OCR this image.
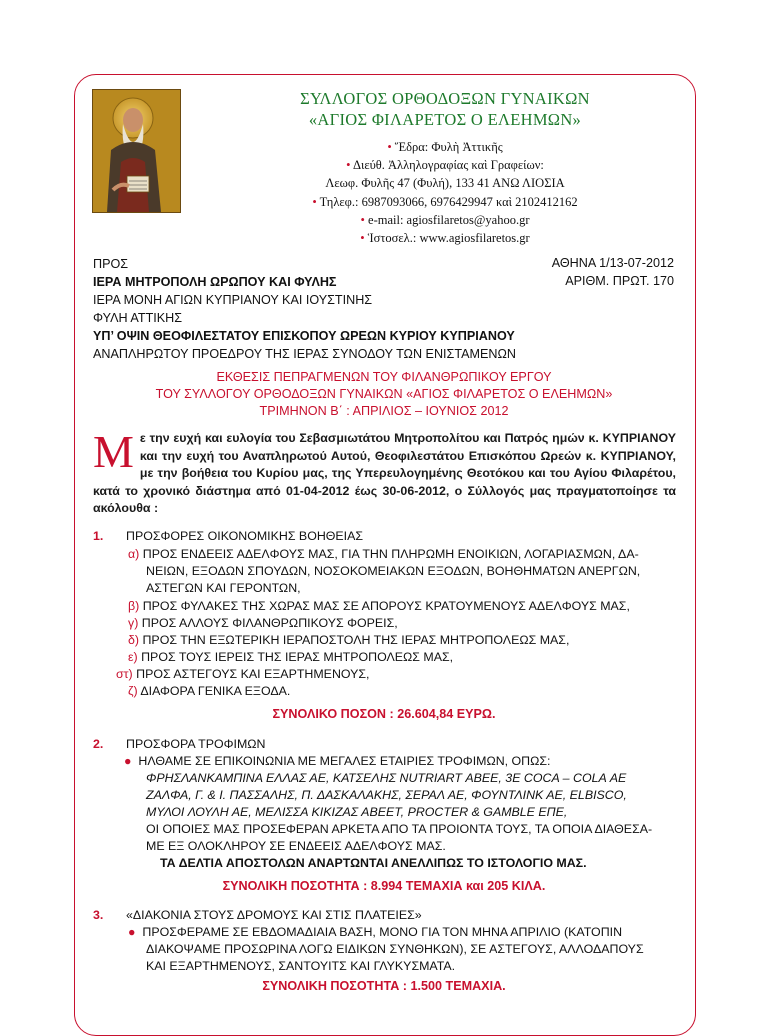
ΣΥΛΛΟΓΟΣ ΟΡΘΟΔΟΞΩΝ ΓΥΝΑΙΚΩΝ
«ΑΓΙΟΣ ΦΙΛΑΡΕΤΟΣ Ο ΕΛΕΗΜΩΝ»
• Ἕδρα: Φυλὴ Ἀττικῆς
• Διεύθ. Ἀλληλογραφίας καὶ Γραφείων:
Λεωφ. Φυλῆς 47 (Φυλή), 133 41 ΑΝΩ ΛΙΟΣΙΑ
• Τηλεφ.: 6987093066, 6976429947 καὶ 2102412162
• e-mail: agiosfilaretos@yahoo.gr
• Ἱστοσελ.: www.agiosfilaretos.gr
ΠΡΟΣ
ΙΕΡΑ ΜΗΤΡΟΠΟΛΗ ΩΡΩΠΟΥ ΚΑΙ ΦΥΛΗΣ
ΙΕΡΑ ΜΟΝΗ ΑΓΙΩΝ ΚΥΠΡΙΑΝΟΥ ΚΑΙ ΙΟΥΣΤΙΝΗΣ
ΦΥΛΗ ΑΤΤΙΚΗΣ
ΥΠ’ ΟΨΙΝ ΘΕΟΦΙΛΕΣΤΑΤΟΥ ΕΠΙΣΚΟΠΟΥ ΩΡΕΩΝ ΚΥΡΙΟΥ ΚΥΠΡΙΑΝΟΥ
ΑΝΑΠΛΗΡΩΤΟΥ ΠΡΟΕΔΡΟΥ ΤΗΣ ΙΕΡΑΣ ΣΥΝΟΔΟΥ ΤΩΝ ΕΝΙΣΤΑΜΕΝΩΝ
ΑΘΗΝΑ 1/13-07-2012
ΑΡΙΘΜ. ΠΡΩΤ. 170
ΕΚΘΕΣΙΣ ΠΕΠΡΑΓΜΕΝΩΝ ΤΟΥ ΦΙΛΑΝΘΡΩΠΙΚΟΥ ΕΡΓΟΥ
ΤΟΥ ΣΥΛΛΟΓΟΥ ΟΡΘΟΔΟΞΩΝ ΓΥΝΑΙΚΩΝ «ΑΓΙΟΣ ΦΙΛΑΡΕΤΟΣ Ο ΕΛΕΗΜΩΝ»
ΤΡΙΜΗΝΟΝ Β΄ : ΑΠΡΙΛΙΟΣ – ΙΟΥΝΙΟΣ 2012
Μ ε την ευχή και ευλογία του Σεβασμιωτάτου Μητροπολίτου και Πατρός ημών κ. ΚΥΠΡΙΑΝΟΥ και την ευχή του Αναπληρωτού Αυτού, Θεοφιλεστάτου Επισκόπου Ωρεών κ. ΚΥΠΡΙΑΝΟΥ, με την βοήθεια του Κυρίου μας, της Υπερευλογημένης Θεοτόκου και του Αγίου Φιλαρέτου, κατά το χρονικό διάστημα από 01-04-2012 έως 30-06-2012, ο Σύλλογός μας πραγματοποίησε τα ακόλουθα :
1. ΠΡΟΣΦΟΡΕΣ ΟΙΚΟΝΟΜΙΚΗΣ ΒΟΗΘΕΙΑΣ
α) ΠΡΟΣ ΕΝΔΕΕΙΣ ΑΔΕΛΦΟΥΣ ΜΑΣ, ΓΙΑ ΤΗΝ ΠΛΗΡΩΜΗ ΕΝΟΙΚΙΩΝ, ΛΟΓΑΡΙΑΣΜΩΝ, ΔΑ-
ΝΕΙΩΝ, ΕΞΟΔΩΝ ΣΠΟΥΔΩΝ, ΝΟΣΟΚΟΜΕΙΑΚΩΝ ΕΞΟΔΩΝ, ΒΟΗΘΗΜΑΤΩΝ ΑΝΕΡΓΩΝ,
ΑΣΤΕΓΩΝ ΚΑΙ ΓΕΡΟΝΤΩΝ,
β) ΠΡΟΣ ΦΥΛΑΚΕΣ ΤΗΣ ΧΩΡΑΣ ΜΑΣ ΣΕ ΑΠΟΡΟΥΣ ΚΡΑΤΟΥΜΕΝΟΥΣ ΑΔΕΛΦΟΥΣ ΜΑΣ,
γ) ΠΡΟΣ ΑΛΛΟΥΣ ΦΙΛΑΝΘΡΩΠΙΚΟΥΣ ΦΟΡΕΙΣ,
δ) ΠΡΟΣ ΤΗΝ ΕΞΩΤΕΡΙΚΗ ΙΕΡΑΠΟΣΤΟΛΗ ΤΗΣ ΙΕΡΑΣ ΜΗΤΡΟΠΟΛΕΩΣ ΜΑΣ,
ε) ΠΡΟΣ ΤΟΥΣ ΙΕΡΕΙΣ ΤΗΣ ΙΕΡΑΣ ΜΗΤΡΟΠΟΛΕΩΣ ΜΑΣ,
στ) ΠΡΟΣ ΑΣΤΕΓΟΥΣ ΚΑΙ ΕΞΑΡΤΗΜΕΝΟΥΣ,
ζ) ΔΙΑΦΟΡΑ ΓΕΝΙΚΑ ΕΞΟΔΑ.
ΣΥΝΟΛΙΚΟ ΠΟΣΟΝ : 26.604,84 ΕΥΡΩ.
2. ΠΡΟΣΦΟΡΑ ΤΡΟΦΙΜΩΝ
● ΗΛΘΑΜΕ ΣΕ ΕΠΙΚΟΙΝΩΝΙΑ ΜΕ ΜΕΓΑΛΕΣ ΕΤΑΙΡΙΕΣ ΤΡΟΦΙΜΩΝ, ΟΠΩΣ:
ΦΡΗΣΛΑΝΚΑΜΠΙΝΑ ΕΛΛΑΣ ΑΕ, ΚΑΤΣΕΛΗΣ NUTRIART ΑΒΕΕ, 3Ε COCA – COLA ΑΕ
ΖΑΛΦΑ, Γ. & Ι. ΠΑΣΣΑΛΗΣ, Π. ΔΑΣΚΑΛΑΚΗΣ, ΣΕΡΑΛ ΑΕ, ΦΟΥΝΤΛΙΝΚ ΑΕ, ELBISCO,
ΜΥΛΟΙ ΛΟΥΛΗ ΑΕ, ΜΕΛΙΣΣΑ ΚΙΚΙΖΑΣ ΑΒΕΕΤ, PROCTER & GAMBLE ΕΠΕ,
ΟΙ ΟΠΟΙΕΣ ΜΑΣ ΠΡΟΣΕΦΕΡΑΝ ΑΡΚΕΤΑ ΑΠΟ ΤΑ ΠΡΟΙΟΝΤΑ ΤΟΥΣ, ΤΑ ΟΠΟΙΑ ΔΙΑΘΕΣΑ-
ΜΕ ΕΞ ΟΛΟΚΛΗΡΟΥ ΣΕ ΕΝΔΕΕΙΣ ΑΔΕΛΦΟΥΣ ΜΑΣ.
ΤΑ ΔΕΛΤΙΑ ΑΠΟΣΤΟΛΩΝ ΑΝΑΡΤΩΝΤΑΙ ΑΝΕΛΛΙΠΩΣ ΤΟ ΙΣΤΟΛΟΓΙΟ ΜΑΣ.
ΣΥΝΟΛΙΚΗ ΠΟΣΟΤΗΤΑ : 8.994 ΤΕΜΑΧΙΑ και 205 ΚΙΛΑ.
3. «ΔΙΑΚΟΝΙΑ ΣΤΟΥΣ ΔΡΟΜΟΥΣ ΚΑΙ ΣΤΙΣ ΠΛΑΤΕΙΕΣ»
● ΠΡΟΣΦΕΡΑΜΕ ΣΕ ΕΒΔΟΜΑΔΙΑΙΑ ΒΑΣΗ, ΜΟΝΟ ΓΙΑ ΤΟΝ ΜΗΝΑ ΑΠΡΙΛΙΟ (ΚΑΤΟΠΙΝ
ΔΙΑΚΟΨΑΜΕ ΠΡΟΣΩΡΙΝΑ ΛΟΓΩ ΕΙΔΙΚΩΝ ΣΥΝΘΗΚΩΝ), ΣΕ ΑΣΤΕΓΟΥΣ, ΑΛΛΟΔΑΠΟΥΣ
ΚΑΙ ΕΞΑΡΤΗΜΕΝΟΥΣ, ΣΑΝΤΟΥΙΤΣ ΚΑΙ ΓΛΥΚΥΣΜΑΤΑ.
ΣΥΝΟΛΙΚΗ ΠΟΣΟΤΗΤΑ : 1.500 ΤΕΜΑΧΙΑ.
